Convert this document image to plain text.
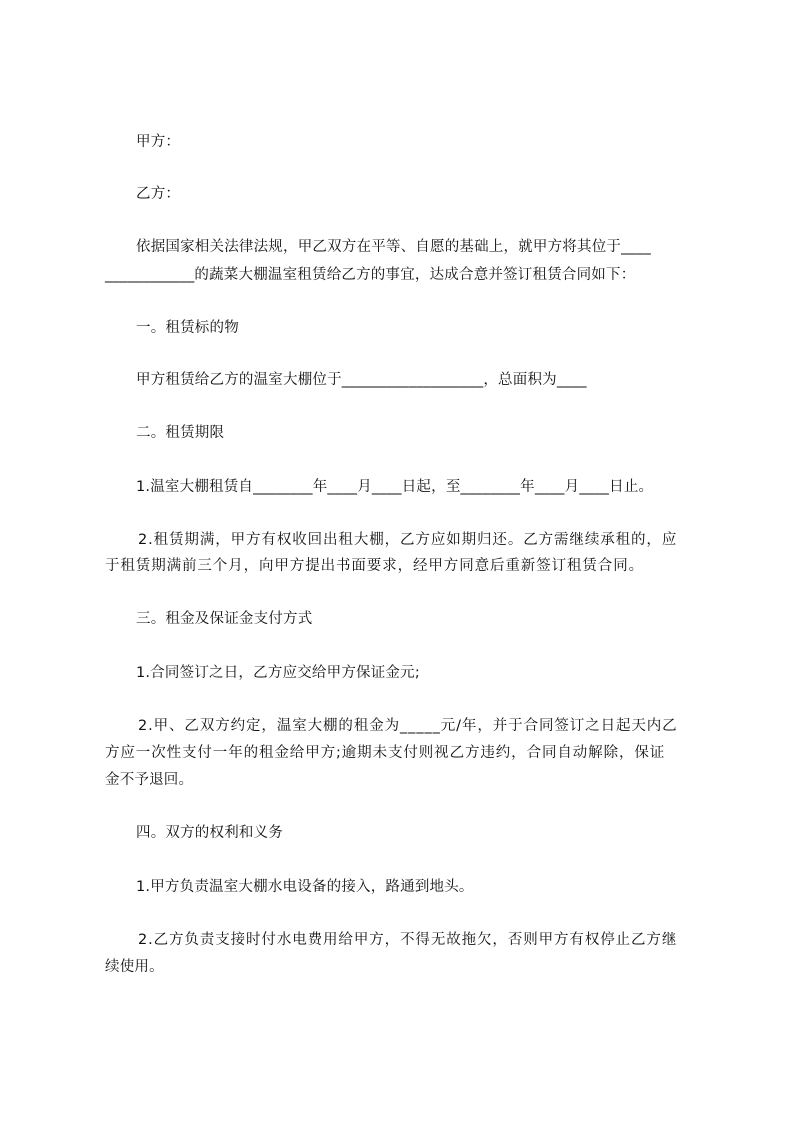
甲方：
乙方：
依据国家相关法律法规，甲乙双方在平等、自愿的基础上，就甲方将其位于____
____________的蔬菜大棚温室租赁给乙方的事宜，达成合意并签订租赁合同如下：
一。租赁标的物
甲方租赁给乙方的温室大棚位于___________________，总面积为____
二。租赁期限
1.温室大棚租赁自________年____月____日起，至________年____月____日止。
2.租赁期满，甲方有权收回出租大棚，乙方应如期归还。乙方需继续承租的，应
于租赁期满前三个月，向甲方提出书面要求，经甲方同意后重新签订租赁合同。
三。租金及保证金支付方式
1.合同签订之日，乙方应交给甲方保证金元;
2.甲、乙双方约定，温室大棚的租金为_____元/年，并于合同签订之日起天内乙
方应一次性支付一年的租金给甲方;逾期未支付则视乙方违约，合同自动解除，保证
金不予退回。
四。双方的权利和义务
1.甲方负责温室大棚水电设备的接入，路通到地头。
2.乙方负责支接时付水电费用给甲方，不得无故拖欠，否则甲方有权停止乙方继
续使用。
